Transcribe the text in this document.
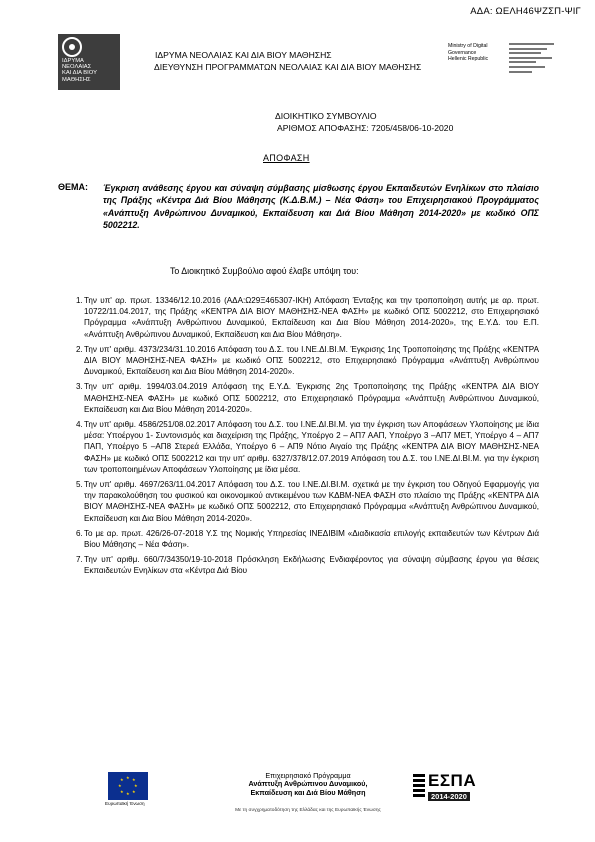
ΑΔΑ: ΩΕΛΗ46ΨΖΣΠ-ΨΙΓ
ΙΔΡΥΜΑ
ΝΕΟΛΑΙΑΣ
ΚΑΙ ΔΙΑ ΒΙΟΥ
ΜΑΘΗΣΗΣ
ΙΔΡΥΜΑ ΝΕΟΛΑΙΑΣ ΚΑΙ ΔΙΑ ΒΙΟΥ ΜΑΘΗΣΗΣ
ΔΙΕΥΘΥΝΣΗ ΠΡΟΓΡΑΜΜΑΤΩΝ ΝΕΟΛΑΙΑΣ ΚΑΙ ΔΙΑ ΒΙΟΥ ΜΑΘΗΣΗΣ
Ministry of Digital
Governance
Hellenic Republic
ΔΙΟΙΚΗΤΙΚΟ ΣΥΜΒΟΥΛΙΟ
ΑΡΙΘΜΟΣ ΑΠΟΦΑΣΗΣ: 7205/458/06-10-2020
ΑΠΟΦΑΣΗ
ΘΕΜΑ: Έγκριση ανάθεσης έργου και σύναψη σύμβασης μίσθωσης έργου Εκπαιδευτών Ενηλίκων στο πλαίσιο της Πράξης «Κέντρα Διά Βίου Μάθησης (Κ.Δ.Β.Μ.) – Νέα Φάση» του Επιχειρησιακού Προγράμματος «Ανάπτυξη Ανθρώπινου Δυναμικού, Εκπαίδευση και Διά Βίου Μάθηση 2014-2020» με κωδικό ΟΠΣ 5002212.
Το Διοικητικό Συμβούλιο αφού έλαβε υπόψη του:
1. Την υπ' αρ. πρωτ. 13346/12.10.2016 (ΑΔΑ:Ω29Ξ465307-ΙΚΗ) Απόφαση Ένταξης και την τροποποίηση αυτής με αρ. πρωτ. 10722/11.04.2017, της Πράξης «ΚΕΝΤΡΑ ΔΙΑ ΒΙΟΥ ΜΑΘΗΣΗΣ-ΝΕΑ ΦΑΣΗ» με κωδικό ΟΠΣ 5002212, στο Επιχειρησιακό Πρόγραμμα «Ανάπτυξη Ανθρώπινου Δυναμικού, Εκπαίδευση και Δια Βίου Μάθηση 2014-2020», της Ε.Υ.Δ. του Ε.Π. «Ανάπτυξη Ανθρώπινου Δυναμικού, Εκπαίδευση και Δια Βίου Μάθηση».
2. Την υπ' αριθμ. 4373/234/31.10.2016 Απόφαση του Δ.Σ. του Ι.ΝΕ.ΔΙ.ΒΙ.Μ. Έγκρισης 1ης Τροποποίησης της Πράξης «ΚΕΝΤΡΑ ΔΙΑ ΒΙΟΥ ΜΑΘΗΣΗΣ-ΝΕΑ ΦΑΣΗ» με κωδικό ΟΠΣ 5002212, στο Επιχειρησιακό Πρόγραμμα «Ανάπτυξη Ανθρώπινου Δυναμικού, Εκπαίδευση και Δια Βίου Μάθηση 2014-2020».
3. Την υπ' αριθμ. 1994/03.04.2019 Απόφαση της Ε.Υ.Δ. Έγκρισης 2ης Τροποποίησης της Πράξης «ΚΕΝΤΡΑ ΔΙΑ ΒΙΟΥ ΜΑΘΗΣΗΣ-ΝΕΑ ΦΑΣΗ» με κωδικό ΟΠΣ 5002212, στο Επιχειρησιακό Πρόγραμμα «Ανάπτυξη Ανθρώπινου Δυναμικού, Εκπαίδευση και Δια Βίου Μάθηση 2014-2020».
4. Την υπ' αριθμ. 4586/251/08.02.2017 Απόφαση του Δ.Σ. του Ι.ΝΕ.ΔΙ.ΒΙ.Μ. για την έγκριση των Αποφάσεων Υλοποίησης με ίδια μέσα: Υποέργου 1- Συντονισμός και διαχείριση της Πράξης, Υποέργο 2 – ΑΠ7 ΑΑΠ, Υποέργο 3 –ΑΠ7 ΜΕΤ, Υποέργο 4 – ΑΠ7 ΠΑΠ, Υποέργο 5 –ΑΠ8 Στερεά Ελλάδα, Υποέργο 6 – ΑΠ9 Νότιο Αιγαίο της Πράξης «ΚΕΝΤΡΑ ΔΙΑ ΒΙΟΥ ΜΑΘΗΣΗΣ-ΝΕΑ ΦΑΣΗ» με κωδικό ΟΠΣ 5002212 και την υπ' αριθμ. 6327/378/12.07.2019 Απόφαση του Δ.Σ. του Ι.ΝΕ.ΔΙ.ΒΙ.Μ. για την έγκριση των τροποποιημένων Αποφάσεων Υλοποίησης με ίδια μέσα.
5. Την υπ' αριθμ. 4697/263/11.04.2017 Απόφαση του Δ.Σ. του Ι.ΝΕ.ΔΙ.ΒΙ.Μ. σχετικά με την έγκριση του Οδηγού Εφαρμογής για την παρακολούθηση του φυσικού και οικονομικού αντικειμένου των ΚΔΒΜ-ΝΕΑ ΦΑΣΗ στο πλαίσιο της Πράξης «ΚΕΝΤΡΑ ΔΙΑ ΒΙΟΥ ΜΑΘΗΣΗΣ-ΝΕΑ ΦΑΣΗ» με κωδικό ΟΠΣ 5002212, στο Επιχειρησιακό Πρόγραμμα «Ανάπτυξη Ανθρώπινου Δυναμικού, Εκπαίδευση και Δια Βίου Μάθηση 2014-2020».
6. Το με αρ. πρωτ. 426/26-07-2018 Υ.Σ της Νομικής Υπηρεσίας ΙΝΕΔΙΒΙΜ «Διαδικασία επιλογής εκπαιδευτών των Κέντρων Διά Βίου Μάθησης – Νέα Φάση».
7. Την υπ' αριθμ. 660/7/34350/19-10-2018 Πρόσκληση Εκδήλωσης Ενδιαφέροντος για σύναψη σύμβασης έργου για θέσεις Εκπαιδευτών Ενηλίκων στα «Κέντρα Διά Βίου
★ ★
★
★
★
★
★
★
Ευρωπαϊκή Ένωση
Επιχειρησιακό Πρόγραμμα
Ανάπτυξη Ανθρώπινου Δυναμικού,
Εκπαίδευση και Διά Βίου Μάθηση
Με τη συγχρηματοδότηση της Ελλάδας και της Ευρωπαϊκής Ένωσης
ΕΣΠΑ
2014-2020
